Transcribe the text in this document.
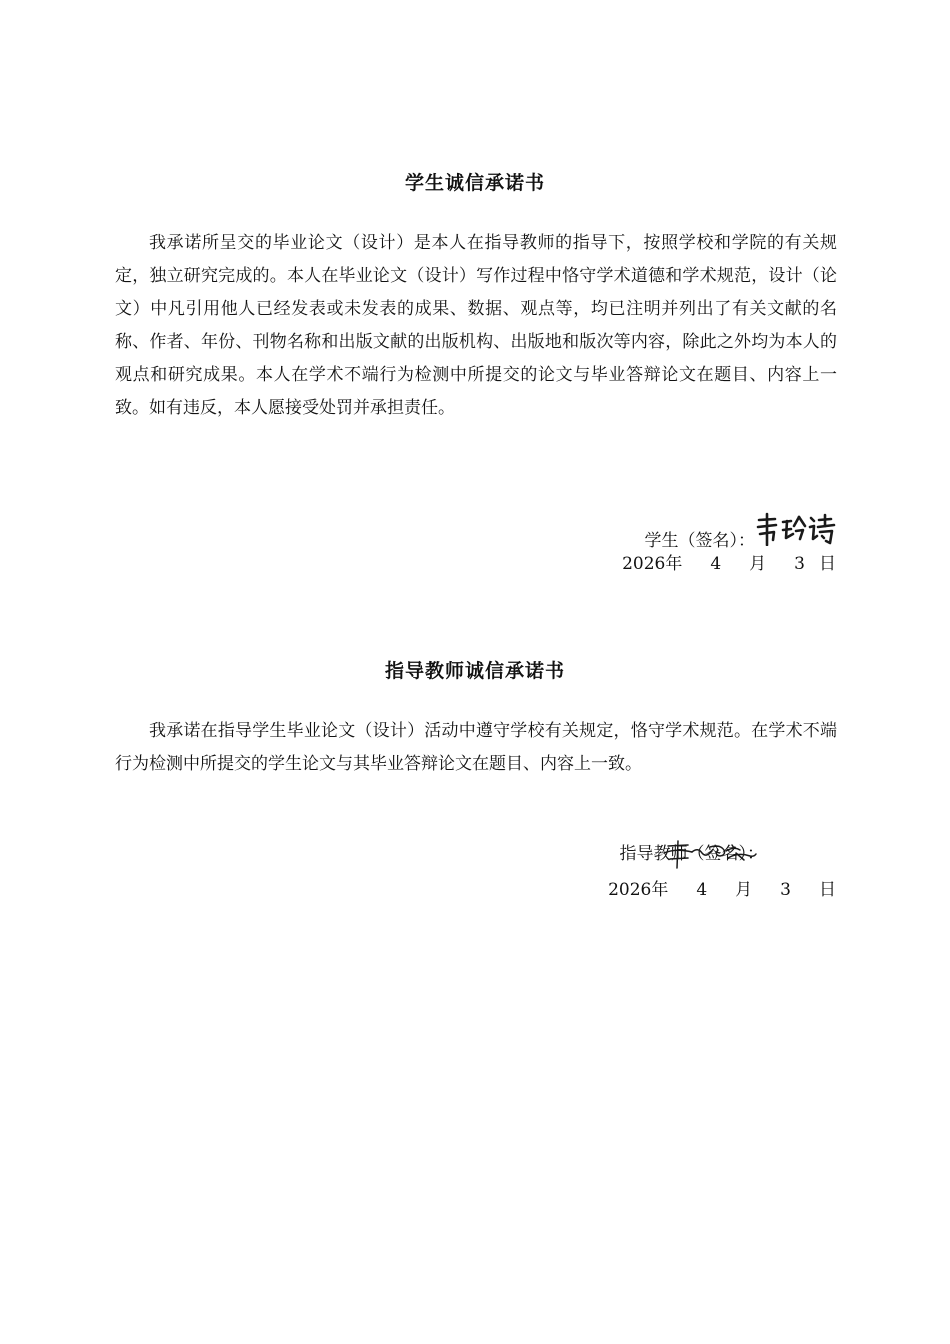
学生诚信承诺书

我承诺所呈交的毕业论文（设计）是本人在指导教师的指导下，按照学校和学院的有关规定，独立研究完成的。本人在毕业论文（设计）写作过程中恪守学术道德和学术规范，设计（论文）中凡引用他人已经发表或未发表的成果、数据、观点等，均已注明并列出了有关文献的名称、作者、年份、刊物名称和出版文献的出版机构、出版地和版次等内容，除此之外均为本人的观点和研究成果。本人在学术不端行为检测中所提交的论文与毕业答辩论文在题目、内容上一致。如有违反，本人愿接受处罚并承担责任。

学生（签名）：
2026年 4 月 3 日
指导教师诚信承诺书

我承诺在指导学生毕业论文（设计）活动中遵守学校有关规定，恪守学术规范。在学术不端行为检测中所提交的学生论文与其毕业答辩论文在题目、内容上一致。

指导教师（签名）：
2026年 4 月 3 日
